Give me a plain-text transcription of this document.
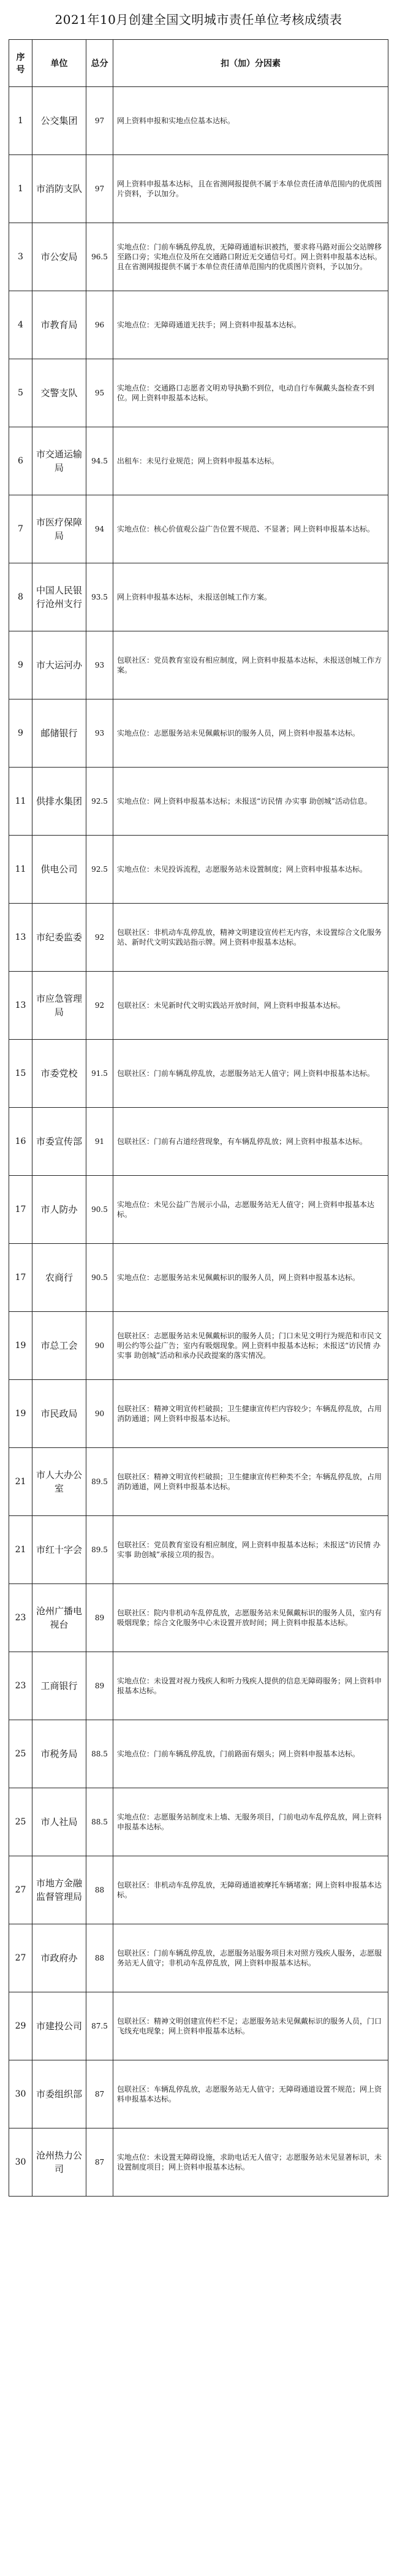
2021年10月创建全国文明城市责任单位考核成绩表
序号	单位	总分	扣（加）分因素
1	公交集团	97	网上资料申报和实地点位基本达标。
1	市消防支队	97	网上资料申报基本达标，且在省测网报提供不属于本单位责任清单范围内的优质图片资料，予以加分。
3	市公安局	96.5	实地点位：门前车辆乱停乱放，无障碍通道标识被挡，要求将马路对面公交站牌移至路口旁；实地点位及所在交通路口附近无交通信号灯。网上资料申报基本达标。且在省测网报提供不属于本单位责任清单范围内的优质图片资料，予以加分。
4	市教育局	96	实地点位：无障碍通道无扶手；网上资料申报基本达标。
5	交警支队	95	实地点位：交通路口志愿者文明劝导执勤不到位，电动自行车佩戴头盔检查不到位。网上资料申报基本达标。
6	市交通运输局	94.5	出租车：未见行业规范；网上资料申报基本达标。
7	市医疗保障局	94	实地点位：核心价值观公益广告位置不规范、不显著；网上资料申报基本达标。
8	中国人民银行沧州支行	93.5	网上资料申报基本达标，未报送创城工作方案。
9	市大运河办	93	包联社区：党员教育室设有相应制度，网上资料申报基本达标，未报送创城工作方案。
9	邮储银行	93	实地点位：志愿服务站未见佩戴标识的服务人员，网上资料申报基本达标。
11	供排水集团	92.5	实地点位：网上资料申报基本达标；未报送“访民情 办实事 助创城”活动信息。
11	供电公司	92.5	实地点位：未见投诉流程，志愿服务站未设置制度；网上资料申报基本达标。
13	市纪委监委	92	包联社区：非机动车乱停乱放，精神文明建设宣传栏无内容，未设置综合文化服务站、新时代文明实践站指示牌。网上资料申报基本达标。
13	市应急管理局	92	包联社区：未见新时代文明实践站开放时间，网上资料申报基本达标。
15	市委党校	91.5	包联社区：门前车辆乱停乱放，志愿服务站无人值守；网上资料申报基本达标。
16	市委宣传部	91	包联社区：门前有占道经营现象，有车辆乱停乱放；网上资料申报基本达标。
17	市人防办	90.5	实地点位：未见公益广告展示小品，志愿服务站无人值守；网上资料申报基本达标。
17	农商行	90.5	实地点位：志愿服务站未见佩戴标识的服务人员，网上资料申报基本达标。
19	市总工会	90	包联社区：志愿服务站未见佩戴标识的服务人员；门口未见文明行为规范和市民文明公约等公益广告；室内有吸烟现象。网上资料申报基本达标；未报送“访民情 办实事 助创城”活动和承办民政提案的落实情况。
19	市民政局	90	包联社区：精神文明宣传栏破损；卫生健康宣传栏内容较少；车辆乱停乱放，占用消防通道；网上资料申报基本达标。
21	市人大办公室	89.5	包联社区：精神文明宣传栏破损；卫生健康宣传栏种类不全；车辆乱停乱放，占用消防通道，网上资料申报基本达标。
21	市红十字会	89.5	包联社区：党员教育室设有相应制度，网上资料申报基本达标；未报送“访民情 办实事 助创城”承接立项的报告。
23	沧州广播电视台	89	包联社区：院内非机动车乱停乱放，志愿服务站未见佩戴标识的服务人员，室内有吸烟现象；综合文化服务中心未设置开放时间；网上资料申报基本达标。
23	工商银行	89	实地点位：未设置对视力残疾人和听力残疾人提供的信息无障碍服务；网上资料申报基本达标。
25	市税务局	88.5	实地点位：门前车辆乱停乱放，门前路面有烟头；网上资料申报基本达标。
25	市人社局	88.5	实地点位：志愿服务站制度未上墙、无服务项目，门前电动车乱停乱放，网上资料申报基本达标。
27	市地方金融监督管理局	88	包联社区：非机动车乱停乱放，无障碍通道被摩托车辆堵塞；网上资料申报基本达标。
27	市政府办	88	包联社区：门前车辆乱停乱放，志愿服务站服务项目未对照方残疾人服务，志愿服务站无人值守；非机动车乱停乱放，网上资料申报基本达标。
29	市建投公司	87.5	包联社区：精神文明创建宣传栏不足；志愿服务站未见佩戴标识的服务人员，门口飞线充电现象；网上资料申报基本达标。
30	市委组织部	87	包联社区：车辆乱停乱放，志愿服务站无人值守；无障碍通道设置不规范；网上资料申报基本达标。
30	沧州热力公司	87	实地点位：未设置无障碍设施，求助电话无人值守；志愿服务站未见显著标识，未设置制度项目；网上资料申报基本达标。
